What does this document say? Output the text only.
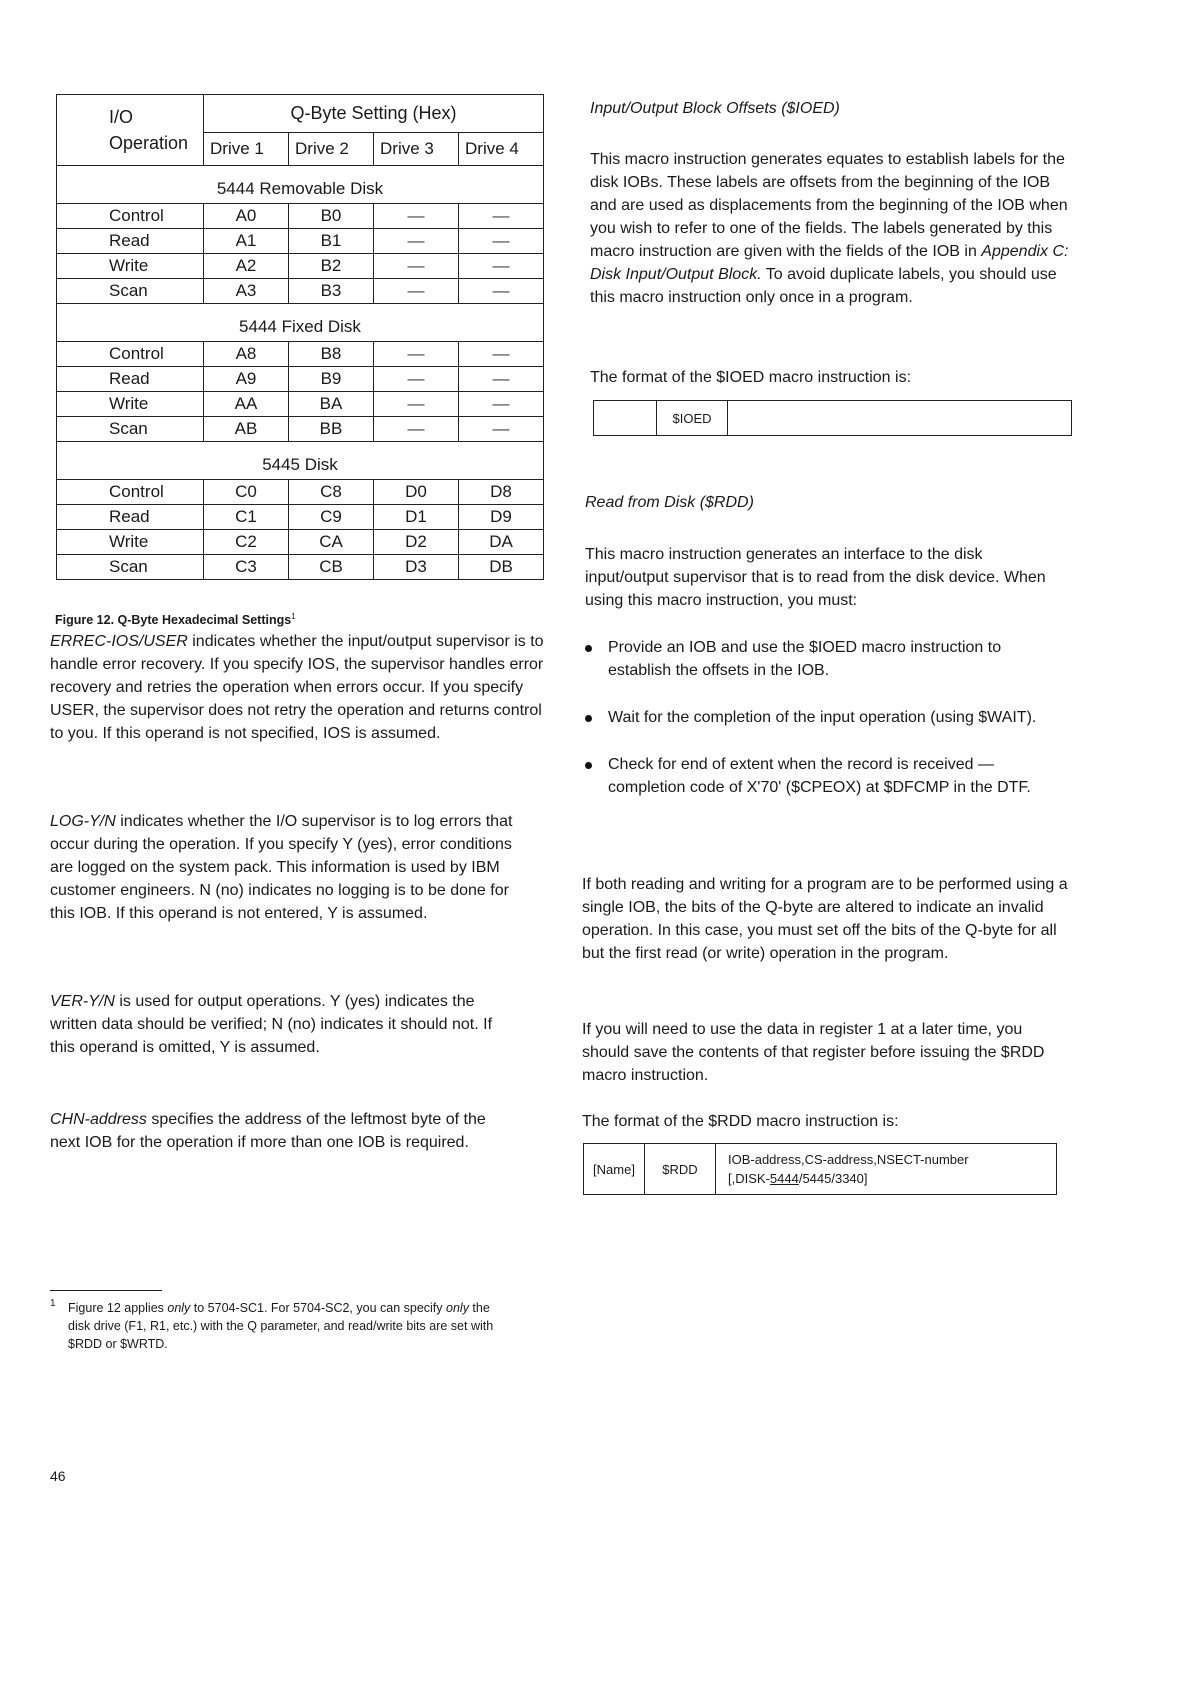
I/O
Operation	Q-Byte Setting (Hex)			
	Drive 1	Drive 2	Drive 3	Drive 4
5444 Removable Disk				
Control	A0	B0	—	—
Read	A1	B1	—	—
Write	A2	B2	—	—
Scan	A3	B3	—	—
5444 Fixed Disk				
Control	A8	B8	—	—
Read	A9	B9	—	—
Write	AA	BA	—	—
Scan	AB	BB	—	—
5445 Disk				
Control	C0	C8	D0	D8
Read	C1	C9	D1	D9
Write	C2	CA	D2	DA
Scan	C3	CB	D3	DB
Figure 12. Q-Byte Hexadecimal Settings$^1$

ERREC-IOS/USER indicates whether the input/output supervisor is to handle error recovery. If you specify IOS, the supervisor handles error recovery and retries the operation when errors occur. If you specify USER, the supervisor does not retry the operation and returns control to you. If this operand is not specified, IOS is assumed.

LOG-Y/N indicates whether the I/O supervisor is to log errors that occur during the operation. If you specify Y (yes), error conditions are logged on the system pack. This information is used by IBM customer engineers. N (no) indicates no logging is to be done for this IOB. If this operand is not entered, Y is assumed.

VER-Y/N is used for output operations. Y (yes) indicates the written data should be verified; N (no) indicates it should not. If this operand is omitted, Y is assumed.

CHN-address specifies the address of the leftmost byte of the next IOB for the operation if more than one IOB is required.

1 Figure 12 applies only to 5704-SC1. For 5704-SC2, you can specify only the disk drive (F1, R1, etc.) with the Q parameter, and read/write bits are set with $RDD or $WRTD.
46

Input/Output Block Offsets ($IOED)

This macro instruction generates equates to establish labels for the disk IOBs. These labels are offsets from the beginning of the IOB and are used as displacements from the beginning of the IOB when you wish to refer to one of the fields. The labels generated by this macro instruction are given with the fields of the IOB in Appendix C: Disk Input/Output Block. To avoid duplicate labels, you should use this macro instruction only once in a program.

The format of the $IOED macro instruction is:

$IOED

Read from Disk ($RDD)

This macro instruction generates an interface to the disk input/output supervisor that is to read from the disk device. When using this macro instruction, you must:

Provide an IOB and use the $IOED macro instruction to establish the offsets in the IOB.
Wait for the completion of the input operation (using $WAIT).
Check for end of extent when the record is received — completion code of X'70' ($CPEOX) at $DFCMP in the DTF.

If both reading and writing for a program are to be performed using a single IOB, the bits of the Q-byte are altered to indicate an invalid operation. In this case, you must set off the bits of the Q-byte for all but the first read (or write) operation in the program.

If you will need to use the data in register 1 at a later time, you should save the contents of that register before issuing the $RDD macro instruction.

The format of the $RDD macro instruction is:

[Name]	$RDD
IOB-address,CS-address,NSECT-number
[,DISK-5444/5445/3340]
